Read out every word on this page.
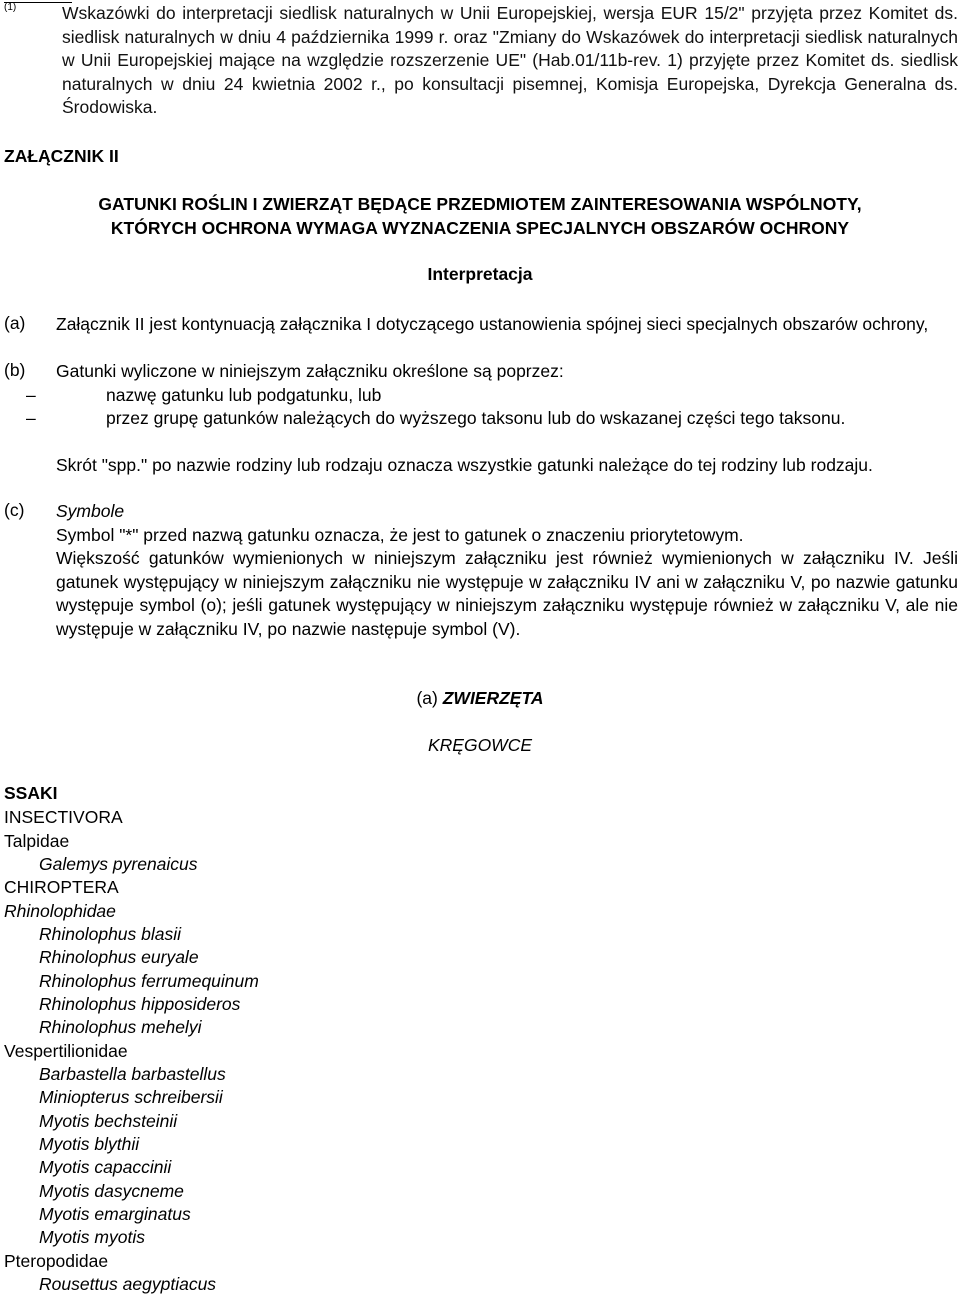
(1)	Wskazówki do interpretacji siedlisk naturalnych w Unii Europejskiej, wersja EUR 15/2" przyjęta przez Komitet ds. siedlisk naturalnych w dniu 4 października 1999 r. oraz "Zmiany do Wskazówek do interpretacji siedlisk naturalnych w Unii Europejskiej mające na względzie rozszerzenie UE" (Hab.01/11b-rev. 1) przyjęte przez Komitet ds. siedlisk naturalnych w dniu 24 kwietnia 2002 r., po konsultacji pisemnej, Komisja Europejska, Dyrekcja Generalna ds. Środowiska.
ZAŁĄCZNIK II
GATUNKI ROŚLIN I ZWIERZĄT BĘDĄCE PRZEDMIOTEM ZAINTERESOWANIA WSPÓLNOTY,
KTÓRYCH OCHRONA WYMAGA WYZNACZENIA SPECJALNYCH OBSZARÓW OCHRONY
Interpretacja
(a) Załącznik II jest kontynuacją załącznika I dotyczącego ustanowienia spójnej sieci specjalnych obszarów ochrony,
(b) Gatunki wyliczone w niniejszym załączniku określone są poprzez:
–	nazwę gatunku lub podgatunku, lub
–	przez grupę gatunków należących do wyższego taksonu lub do wskazanej części tego taksonu.
Skrót "spp." po nazwie rodziny lub rodzaju oznacza wszystkie gatunki należące do tej rodziny lub rodzaju.
(c) Symbole
Symbol "*" przed nazwą gatunku oznacza, że jest to gatunek o znaczeniu priorytetowym.
Większość gatunków wymienionych w niniejszym załączniku jest również wymienionych w załączniku IV. Jeśli gatunek występujący w niniejszym załączniku nie występuje w załączniku IV ani w załączniku V, po nazwie gatunku występuje symbol (o); jeśli gatunek występujący w niniejszym załączniku występuje również w załączniku V, ale nie występuje w załączniku IV, po nazwie następuje symbol (V).
(a) ZWIERZĘTA
KRĘGOWCE
SSAKI
INSECTIVORA
Talpidae
Galemys pyrenaicus
CHIROPTERA
Rhinolophidae
Rhinolophus blasii
Rhinolophus euryale
Rhinolophus ferrumequinum
Rhinolophus hipposideros
Rhinolophus mehelyi
Vespertilionidae
Barbastella barbastellus
Miniopterus schreibersii
Myotis bechsteinii
Myotis blythii
Myotis capaccinii
Myotis dasycneme
Myotis emarginatus
Myotis myotis
Pteropodidae
Rousettus aegyptiacus
